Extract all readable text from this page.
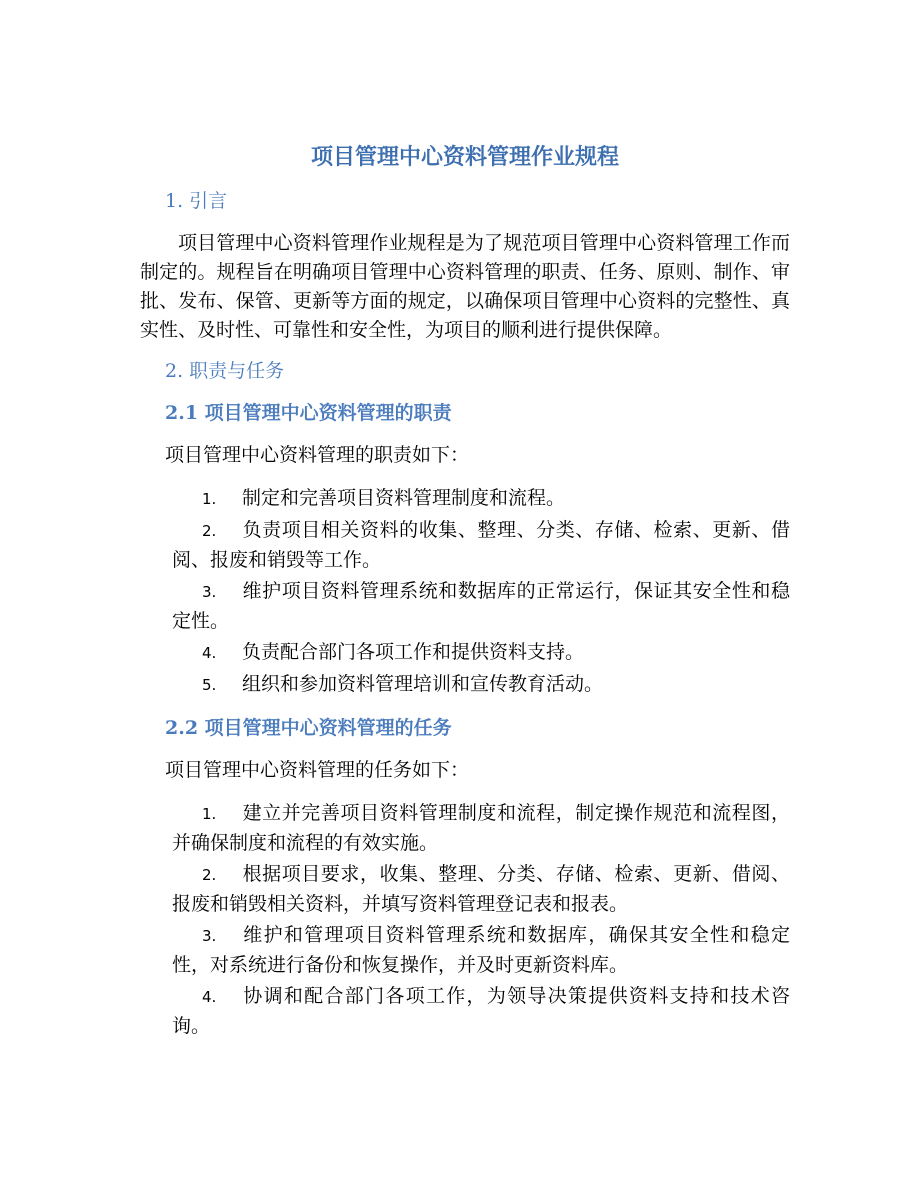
项目管理中心资料管理作业规程
1. 引言
项目管理中心资料管理作业规程是为了规范项目管理中心资料管理工作而制定的。规程旨在明确项目管理中心资料管理的职责、任务、原则、制作、审批、发布、保管、更新等方面的规定，以确保项目管理中心资料的完整性、真实性、及时性、可靠性和安全性，为项目的顺利进行提供保障。
2. 职责与任务
2.1 项目管理中心资料管理的职责
项目管理中心资料管理的职责如下：
1. 制定和完善项目资料管理制度和流程。
2. 负责项目相关资料的收集、整理、分类、存储、检索、更新、借阅、报废和销毁等工作。
3. 维护项目资料管理系统和数据库的正常运行，保证其安全性和稳定性。
4. 负责配合部门各项工作和提供资料支持。
5. 组织和参加资料管理培训和宣传教育活动。
2.2 项目管理中心资料管理的任务
项目管理中心资料管理的任务如下：
1. 建立并完善项目资料管理制度和流程，制定操作规范和流程图，并确保制度和流程的有效实施。
2. 根据项目要求，收集、整理、分类、存储、检索、更新、借阅、报废和销毁相关资料，并填写资料管理登记表和报表。
3. 维护和管理项目资料管理系统和数据库，确保其安全性和稳定性，对系统进行备份和恢复操作，并及时更新资料库。
4. 协调和配合部门各项工作，为领导决策提供资料支持和技术咨询。
